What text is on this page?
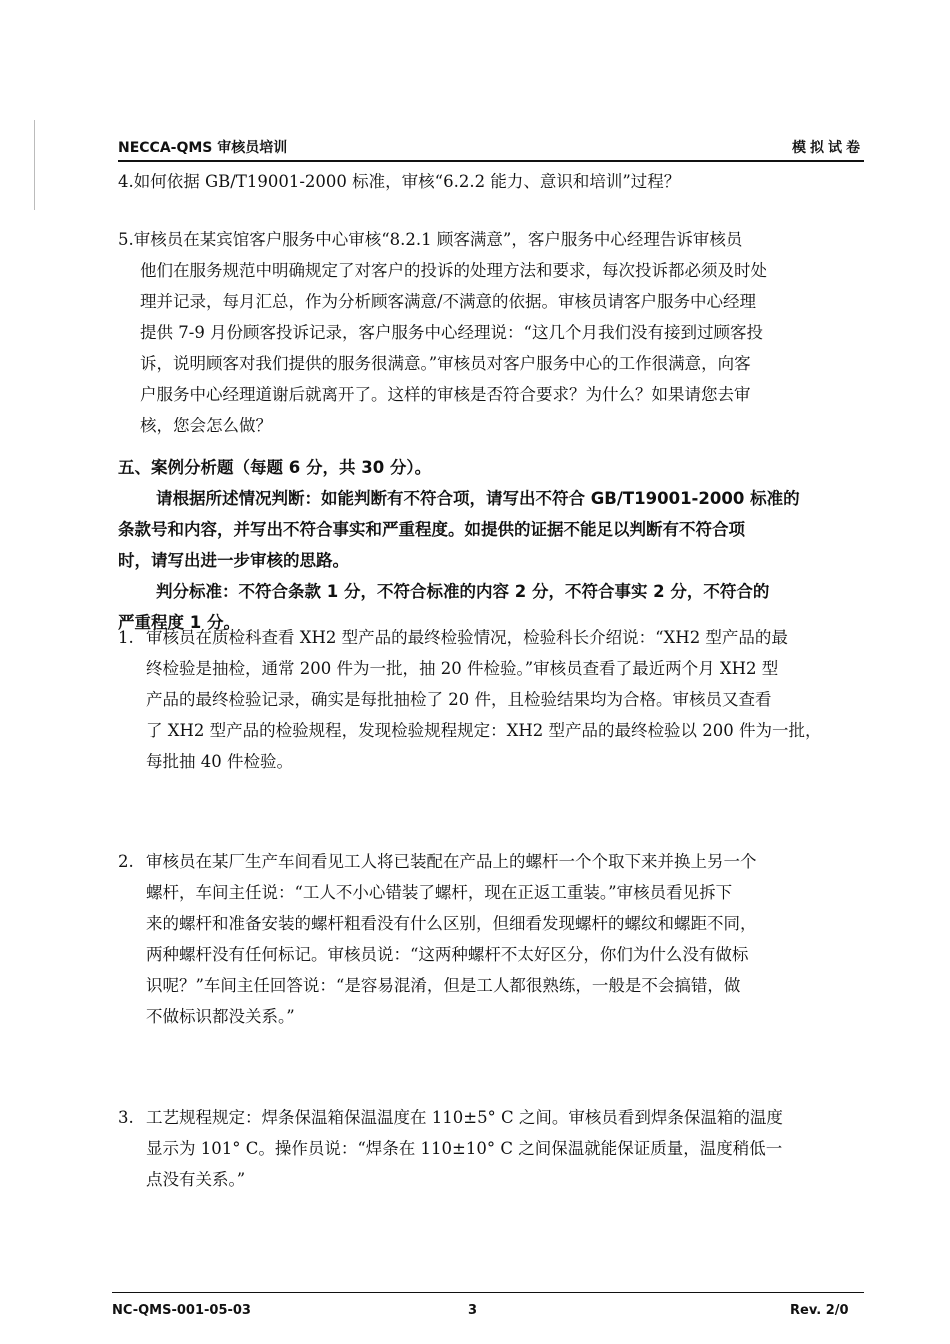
NECCA-QMS 审核员培训	模拟试卷
4.如何依据 GB/T19001-2000 标准，审核“6.2.2 能力、意识和培训”过程？
5.审核员在某宾馆客户服务中心审核“8.2.1 顾客满意”，客户服务中心经理告诉审核员
他们在服务规范中明确规定了对客户的投诉的处理方法和要求，每次投诉都必须及时处
理并记录，每月汇总，作为分析顾客满意/不满意的依据。审核员请客户服务中心经理
提供 7-9 月份顾客投诉记录，客户服务中心经理说：“这几个月我们没有接到过顾客投
诉，说明顾客对我们提供的服务很满意。”审核员对客户服务中心的工作很满意，向客
户服务中心经理道谢后就离开了。这样的审核是否符合要求？为什么？如果请您去审
核，您会怎么做？
五、案例分析题（每题 6 分，共 30 分）。
请根据所述情况判断：如能判断有不符合项，请写出不符合 GB/T19001-2000 标准的
条款号和内容，并写出不符合事实和严重程度。如提供的证据不能足以判断有不符合项
时，请写出进一步审核的思路。
判分标准：不符合条款 1 分，不符合标准的内容 2 分，不符合事实 2 分，不符合的
严重程度 1 分。
1. 审核员在质检科查看 XH2 型产品的最终检验情况，检验科长介绍说：“XH2 型产品的最
终检验是抽检，通常 200 件为一批，抽 20 件检验。”审核员查看了最近两个月 XH2 型
产品的最终检验记录，确实是每批抽检了 20 件，且检验结果均为合格。审核员又查看
了 XH2 型产品的检验规程，发现检验规程规定：XH2 型产品的最终检验以 200 件为一批，
每批抽 40 件检验。
2. 审核员在某厂生产车间看见工人将已装配在产品上的螺杆一个个取下来并换上另一个
螺杆，车间主任说：“工人不小心错装了螺杆，现在正返工重装。”审核员看见拆下
来的螺杆和准备安装的螺杆粗看没有什么区别，但细看发现螺杆的螺纹和螺距不同，
两种螺杆没有任何标记。审核员说：“这两种螺杆不太好区分，你们为什么没有做标
识呢？”车间主任回答说：“是容易混淆，但是工人都很熟练，一般是不会搞错，做
不做标识都没关系。”
3. 工艺规程规定：焊条保温箱保温温度在 110±5° C 之间。审核员看到焊条保温箱的温度
显示为 101° C。操作员说：“焊条在 110±10° C 之间保温就能保证质量，温度稍低一
点没有关系。”
NC-QMS-001-05-03	3	Rev. 2/0
